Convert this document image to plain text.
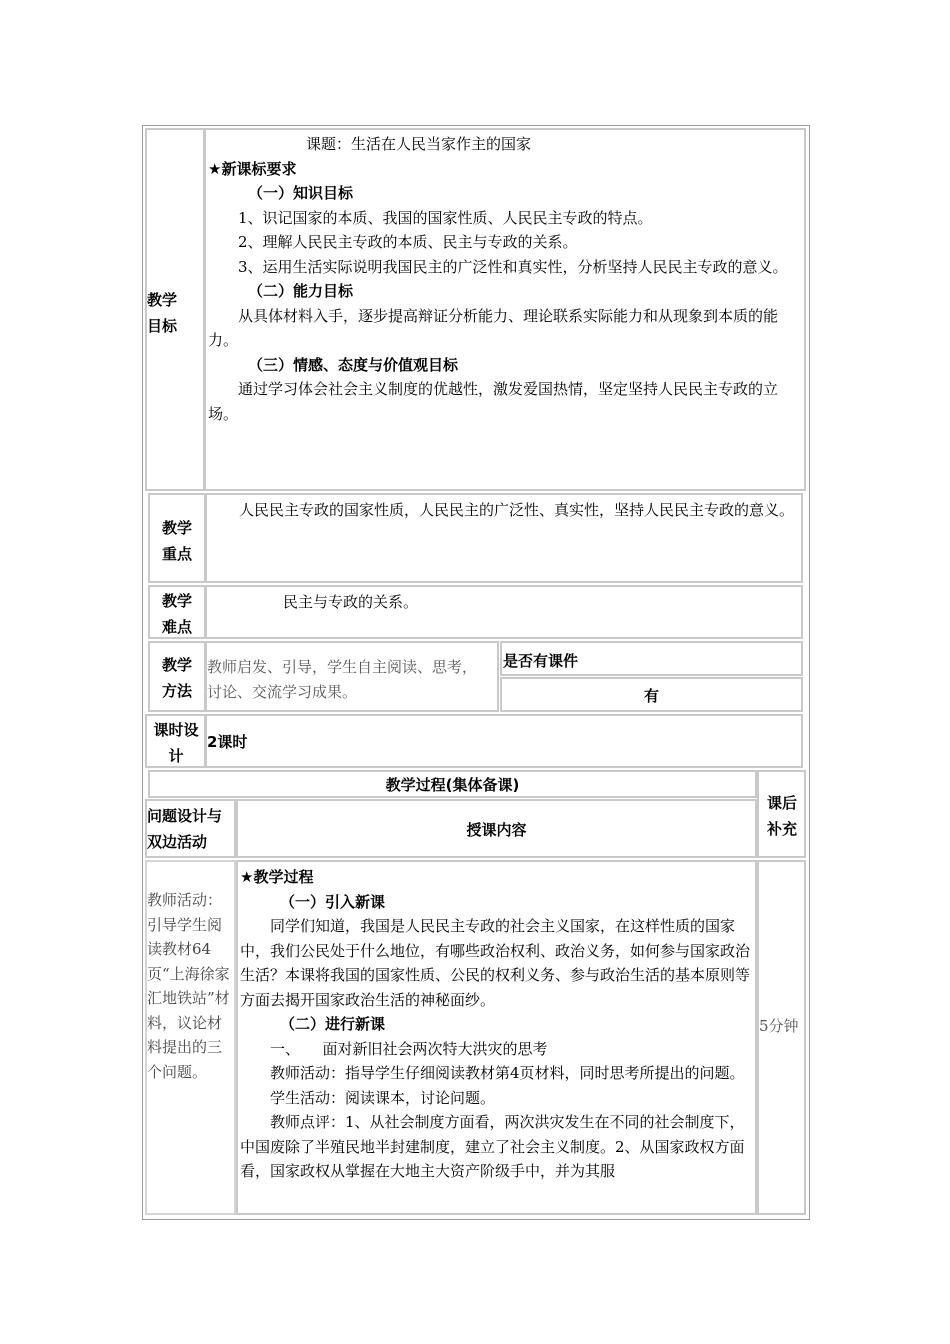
教学目标

课题：生活在人民当家作主的国家

★新课标要求

（一）知识目标

1、识记国家的本质、我国的国家性质、人民民主专政的特点。

2、理解人民民主专政的本质、民主与专政的关系。

3、运用生活实际说明我国民主的广泛性和真实性，分析坚持人民民主专政的意义。

（二）能力目标

从具体材料入手，逐步提高辩证分析能力、理论联系实际能力和从现象到本质的能力。

（三）情感、态度与价值观目标

通过学习体会社会主义制度的优越性，激发爱国热情，坚定坚持人民民主专政的立场。

教学重点

人民民主专政的国家性质，人民民主的广泛性、真实性，坚持人民民主专政的意义。

教学难点

民主与专政的关系。

教学方法

教师启发、引导，学生自主阅读、思考，讨论、交流学习成果。

是否有课件

有

课时设计

2课时

教学过程(集体备课)

课后补充
问题设计与双边活动

授课内容

教师活动：引导学生阅读教材64页“上海徐家汇地铁站”材料，议论材料提出的三个问题。

★教学过程

（一）引入新课

同学们知道，我国是人民民主专政的社会主义国家，在这样性质的国家中，我们公民处于什么地位，有哪些政治权利、政治义务，如何参与国家政治生活？本课将我国的国家性质、公民的权利义务、参与政治生活的基本原则等方面去揭开国家政治生活的神秘面纱。

（二）进行新课

一、　　面对新旧社会两次特大洪灾的思考

教师活动：指导学生仔细阅读教材第4页材料，同时思考所提出的问题。

学生活动：阅读课本，讨论问题。

教师点评：1、从社会制度方面看，两次洪灾发生在不同的社会制度下，中国废除了半殖民地半封建制度，建立了社会主义制度。2、从国家政权方面看，国家政权从掌握在大地主大资产阶级手中，并为其服

5分钟
